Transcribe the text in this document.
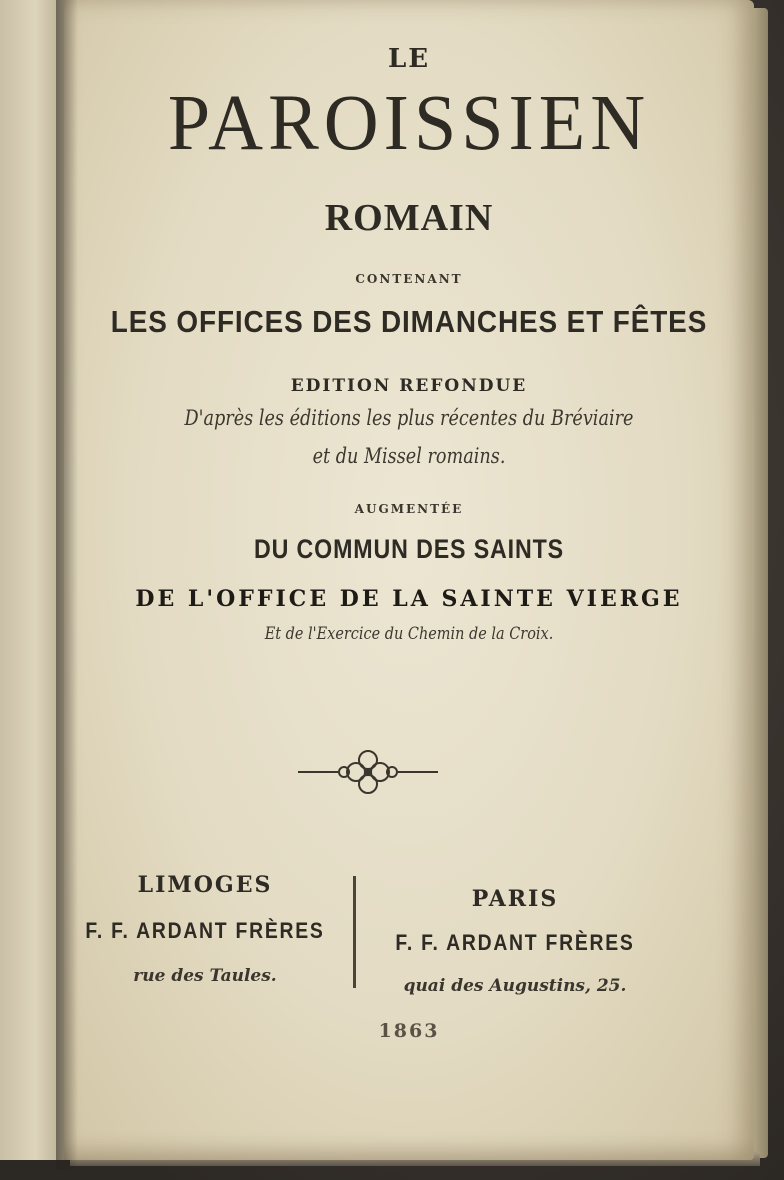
LE
PAROISSIEN
ROMAIN
CONTENANT
LES OFFICES DES DIMANCHES ET FÊTES
EDITION REFONDUE
D'après les éditions les plus récentes du Bréviaire
et du Missel romains.
AUGMENTÉE
DU COMMUN DES SAINTS
DE L'OFFICE DE LA SAINTE VIERGE
Et de l'Exercice du Chemin de la Croix.
LIMOGES
F. F. ARDANT FRÈRES
rue des Taules.
PARIS
F. F. ARDANT FRÈRES
quai des Augustins, 25.
1863
